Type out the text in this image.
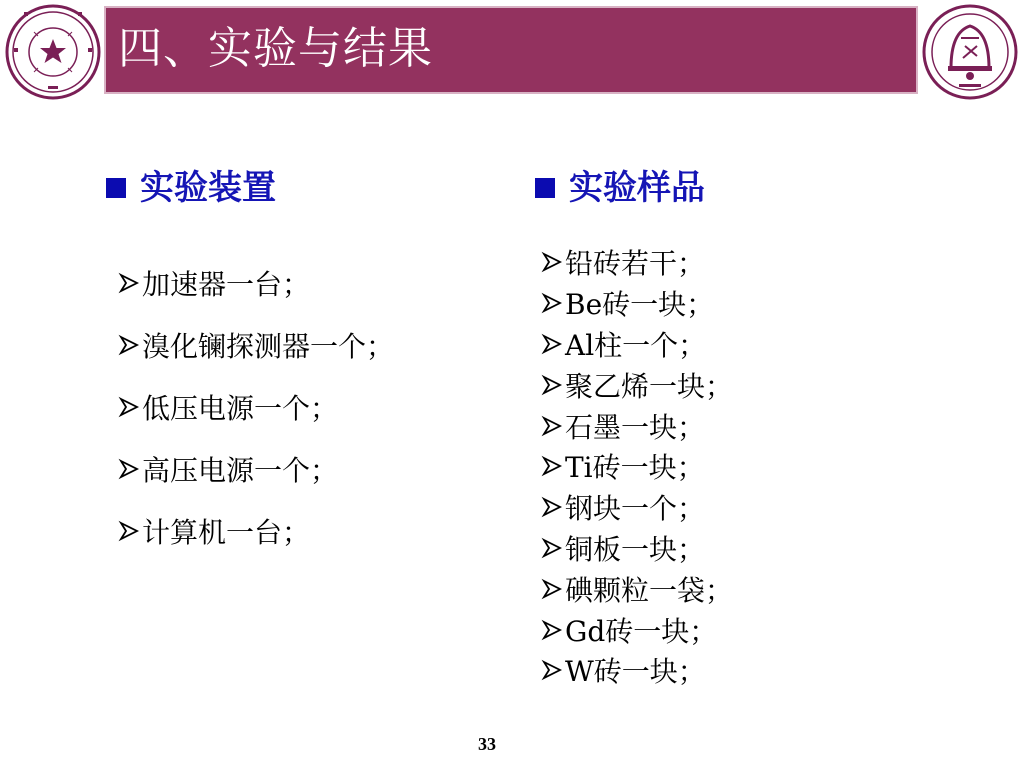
四、实验与结果
实验装置	实验样品
加速器一台；
溴化镧探测器一个；
低压电源一个；
高压电源一个；
计算机一台；
铅砖若干；
Be砖一块；
Al柱一个；
聚乙烯一块；
石墨一块；
Ti砖一块；
钢块一个；
铜板一块；
碘颗粒一袋；
Gd砖一块；
W砖一块；
33
